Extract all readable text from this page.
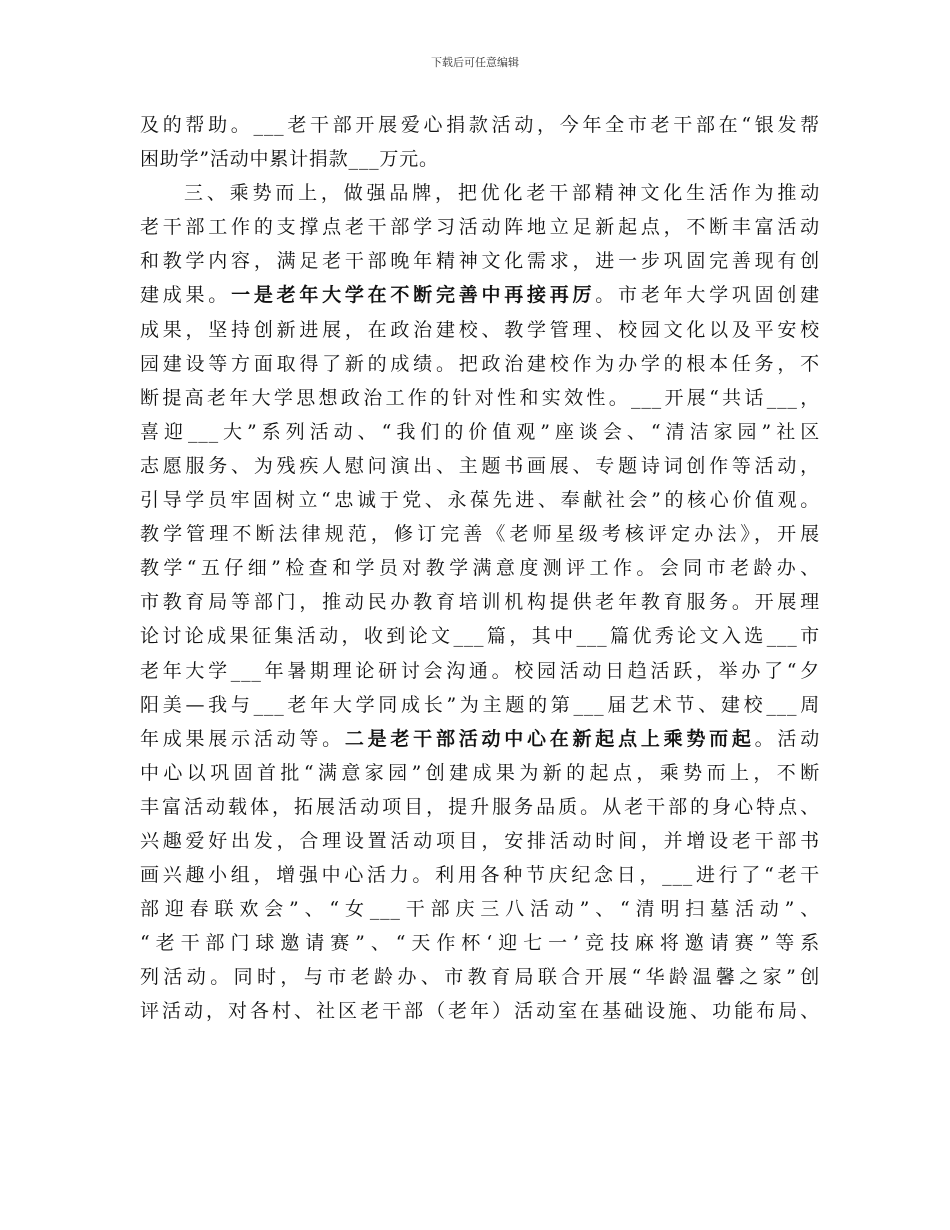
下载后可任意编辑
及的帮助。___老干部开展爱心捐款活动，今年全市老干部在“银发帮
困助学”活动中累计捐款___万元。
三、乘势而上，做强品牌，把优化老干部精神文化生活作为推动
老干部工作的支撑点老干部学习活动阵地立足新起点，不断丰富活动
和教学内容，满足老干部晚年精神文化需求，进一步巩固完善现有创
建成果。一是老年大学在不断完善中再接再厉。市老年大学巩固创建
成果，坚持创新进展，在政治建校、教学管理、校园文化以及平安校
园建设等方面取得了新的成绩。把政治建校作为办学的根本任务，不
断提高老年大学思想政治工作的针对性和实效性。___开展“共话___，
喜迎___大”系列活动、“我们的价值观”座谈会、“清洁家园”社区
志愿服务、为残疾人慰问演出、主题书画展、专题诗词创作等活动，
引导学员牢固树立“忠诚于党、永葆先进、奉献社会”的核心价值观。
教学管理不断法律规范，修订完善《老师星级考核评定办法》，开展
教学“五仔细”检查和学员对教学满意度测评工作。会同市老龄办、
市教育局等部门，推动民办教育培训机构提供老年教育服务。开展理
论讨论成果征集活动，收到论文___篇，其中___篇优秀论文入选___市
老年大学___年暑期理论研讨会沟通。校园活动日趋活跃，举办了“夕
阳美—我与___老年大学同成长”为主题的第___届艺术节、建校___周
年成果展示活动等。二是老干部活动中心在新起点上乘势而起。活动
中心以巩固首批“满意家园”创建成果为新的起点，乘势而上，不断
丰富活动载体，拓展活动项目，提升服务品质。从老干部的身心特点、
兴趣爱好出发，合理设置活动项目，安排活动时间，并增设老干部书
画兴趣小组，增强中心活力。利用各种节庆纪念日，___进行了“老干
部迎春联欢会”、“女___干部庆三八活动”、“清明扫墓活动”、
“老干部门球邀请赛”、“天作杯‘迎七一’竞技麻将邀请赛”等系
列活动。同时，与市老龄办、市教育局联合开展“华龄温馨之家”创
评活动，对各村、社区老干部（老年）活动室在基础设施、功能布局、
